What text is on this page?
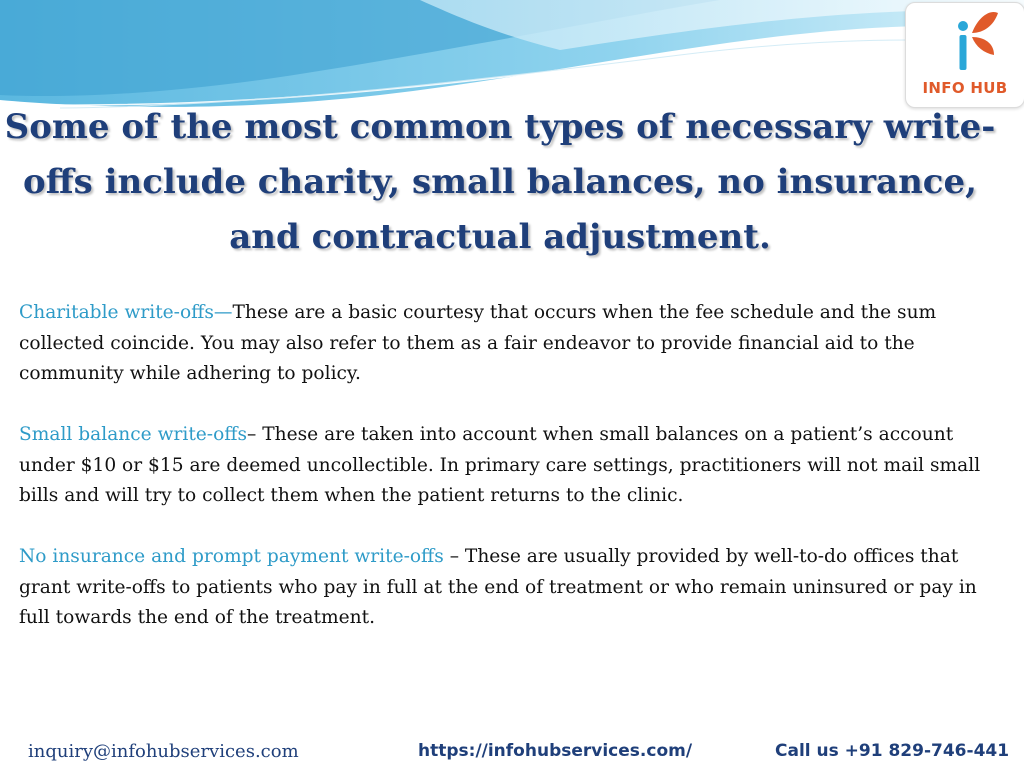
INFO HUB
Some of the most common types of necessary write-offs include charity, small balances, no insurance, and contractual adjustment.

Charitable write-offs—These are a basic courtesy that occurs when the fee schedule and the sum collected coincide. You may also refer to them as a fair endeavor to provide financial aid to the community while adhering to policy.

Small balance write-offs– These are taken into account when small balances on a patient’s account under $10 or $15 are deemed uncollectible. In primary care settings, practitioners will not mail small bills and will try to collect them when the patient returns to the clinic.

No insurance and prompt payment write-offs – These are usually provided by well-to-do offices that grant write-offs to patients who pay in full at the end of treatment or who remain uninsured or pay in full towards the end of the treatment.

inquiry@infohubservices.com	https://infohubservices.com/	Call us +91 829-746-441
